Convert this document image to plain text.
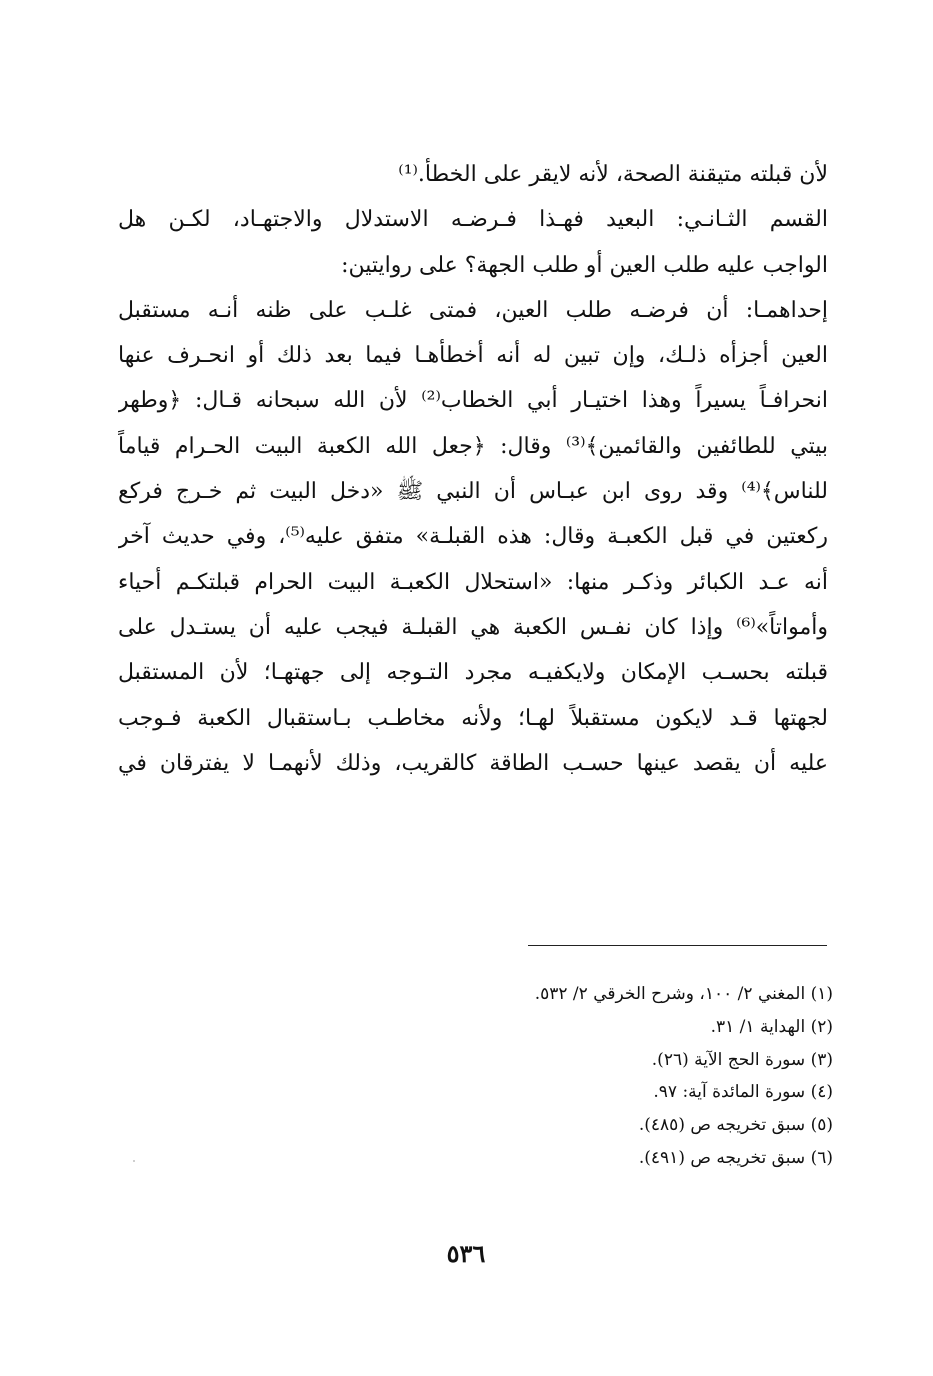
لأن قبلته متيقنة الصحة، لأنه لايقر على الخطأ.⁽¹⁾
القسم الثـانـي: البعيد فهـذا فـرضـه الاستدلال والاجتهـاد، لكـن هل
الواجب عليه طلب العين أو طلب الجهة؟ على روايتين:
إحداهمـا: أن فرضـه طلب العين، فمتى غلـب على ظنه أنـه مستقبل
العين أجزأه ذلـك، وإن تبين له أنه أخطأهـا فيما بعد ذلك أو انحـرف عنها
انحرافـاً يسيراً وهذا اختيـار أبي الخطاب⁽²⁾ لأن الله سبحانه قـال: ﴿وطهر
بيتي للطائفين والقائمين﴾⁽³⁾ وقال: ﴿جعل الله الكعبة البيت الحـرام قياماً
للناس﴾⁽⁴⁾ وقد روى ابن عبـاس أن النبي ﷺ «دخل البيت ثم خـرج فركع
ركعتين في قبل الكعبـة وقال: هذه القبلـة» متفق عليه⁽⁵⁾، وفي حديث آخر
أنه عـد الكبائر وذكـر منها: «استحلال الكعبـة البيت الحرام قبلتكـم أحياء
وأمواتاً»⁽⁶⁾ وإذا كان نفـس الكعبة هي القبلـة فيجب عليه أن يستـدل على
قبلته بحسـب الإمكان ولايكفيـه مجرد التـوجه إلى جهتهـا؛ لأن المستقبل
لجهتها قـد لايكون مستقبلاً لهـا؛ ولأنه مخاطـب بـاستقبال الكعبة فـوجب
عليه أن يقصد عينها حسـب الطاقة كالقريب، وذلك لأنهمـا لا يفترقان في
(١) المغني ٢/ ١٠٠، وشرح الخرقي ٢/ ٥٣٢.
(٢) الهداية ١/ ٣١.
(٣) سورة الحج الآية (٢٦).
(٤) سورة المائدة آية: ٩٧.
(٥) سبق تخريجه ص (٤٨٥).
(٦) سبق تخريجه ص (٤٩١).
٥٣٦
